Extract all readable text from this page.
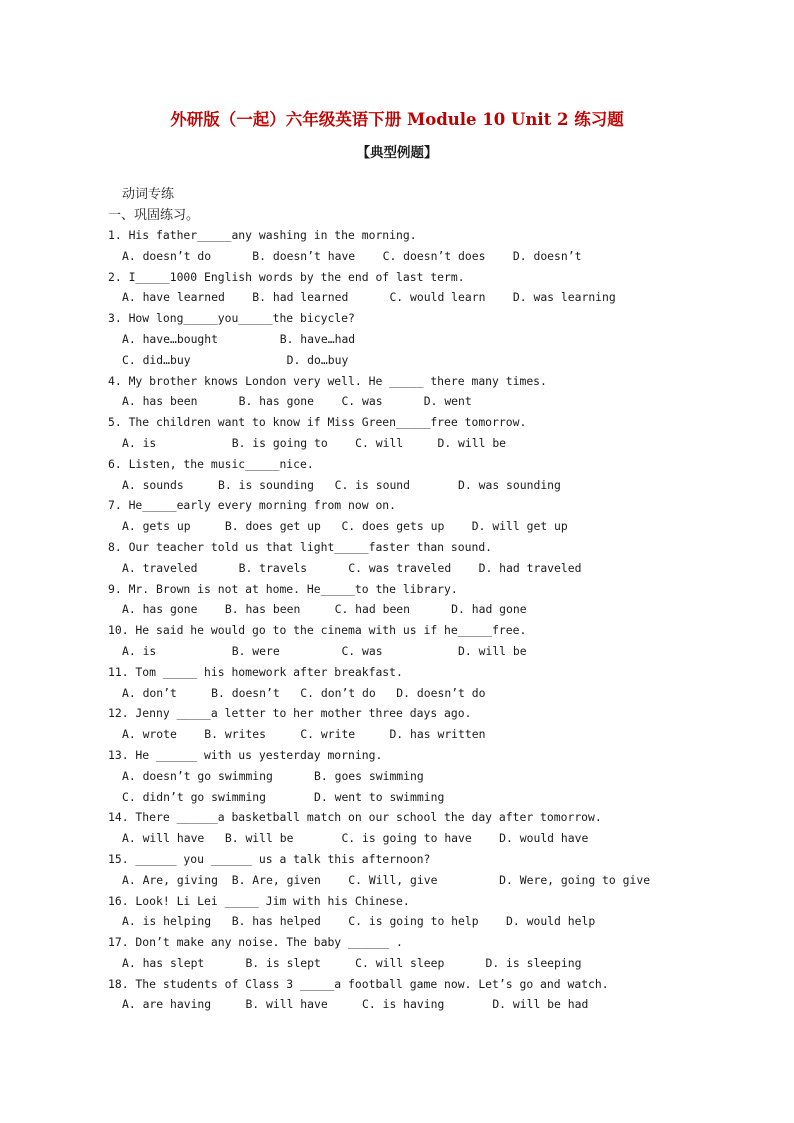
外研版（一起）六年级英语下册 Module 10 Unit 2 练习题
【典型例题】
动词专练
一、巩固练习。
1. His father_____any washing in the morning.
A. doesn’t do      B. doesn’t have    C. doesn’t does    D. doesn’t
2. I_____1000 English words by the end of last term.
A. have learned    B. had learned      C. would learn    D. was learning
3. How long_____you_____the bicycle?
A. have…bought         B. have…had
C. did…buy              D. do…buy
4. My brother knows London very well. He _____ there many times.
A. has been      B. has gone    C. was      D. went
5. The children want to know if Miss Green_____free tomorrow.
A. is           B. is going to    C. will     D. will be
6. Listen, the music_____nice.
A. sounds     B. is sounding   C. is sound       D. was sounding
7. He_____early every morning from now on.
A. gets up     B. does get up   C. does gets up    D. will get up
8. Our teacher told us that light_____faster than sound.
A. traveled      B. travels      C. was traveled    D. had traveled
9. Mr. Brown is not at home. He_____to the library.
A. has gone    B. has been     C. had been      D. had gone
10. He said he would go to the cinema with us if he_____free.
A. is           B. were         C. was           D. will be
11. Tom _____ his homework after breakfast.
A. don’t     B. doesn’t   C. don’t do   D. doesn’t do
12. Jenny _____a letter to her mother three days ago.
A. wrote    B. writes     C. write     D. has written
13. He ______ with us yesterday morning.
A. doesn’t go swimming      B. goes swimming
C. didn’t go swimming       D. went to swimming
14. There ______a basketball match on our school the day after tomorrow.
A. will have   B. will be       C. is going to have    D. would have
15. ______ you ______ us a talk this afternoon?
A. Are, giving  B. Are, given    C. Will, give         D. Were, going to give
16. Look! Li Lei _____ Jim with his Chinese.
A. is helping   B. has helped    C. is going to help    D. would help
17. Don’t make any noise. The baby ______ .
A. has slept      B. is slept     C. will sleep      D. is sleeping
18. The students of Class 3 _____a football game now. Let’s go and watch.
A. are having     B. will have     C. is having       D. will be had
